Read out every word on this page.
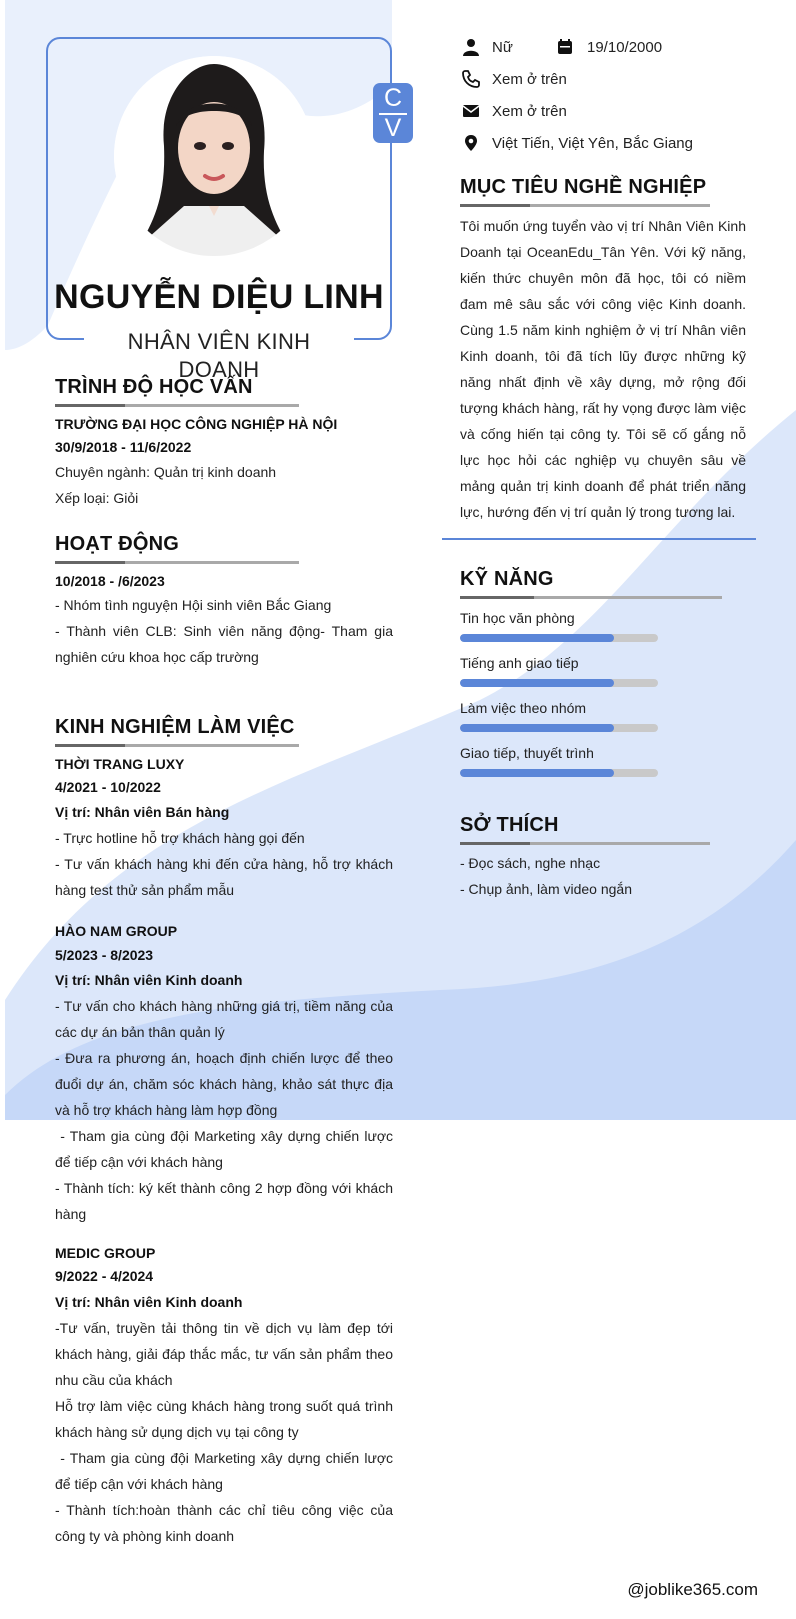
C
V
NGUYỄN DIỆU LINH
NHÂN VIÊN KINH DOANH
Nữ	19/10/2000
Xem ở trên
Xem ở trên
Việt Tiến, Việt Yên, Bắc Giang
MỤC TIÊU NGHỀ NGHIỆP
Tôi muốn ứng tuyển vào vị trí Nhân Viên Kinh Doanh tại OceanEdu_Tân Yên. Với kỹ năng, kiến thức chuyên môn đã học, tôi có niềm đam mê sâu sắc với công việc Kinh doanh. Cùng 1.5 năm kinh nghiệm ở vị trí Nhân viên Kinh doanh, tôi đã tích lũy được những kỹ năng nhất định về xây dựng, mở rộng đối tượng khách hàng, rất hy vọng được làm việc và cống hiến tại công ty. Tôi sẽ cố gắng nỗ lực học hỏi các nghiệp vụ chuyên sâu về mảng quản trị kinh doanh để phát triển năng lực, hướng đến vị trí quản lý trong tương lai.
KỸ NĂNG
Tin học văn phòng
Tiếng anh giao tiếp
Làm việc theo nhóm
Giao tiếp, thuyết trình
SỞ THÍCH
- Đọc sách, nghe nhạc
- Chụp ảnh, làm video ngắn
TRÌNH ĐỘ HỌC VẤN
TRƯỜNG ĐẠI HỌC CÔNG NGHIỆP HÀ NỘI
30/9/2018 - 11/6/2022
Chuyên ngành: Quản trị kinh doanh
Xếp loại: Giỏi
HOẠT ĐỘNG
10/2018 - /6/2023
- Nhóm tình nguyện Hội sinh viên Bắc Giang
- Thành viên CLB: Sinh viên năng động- Tham gia nghiên cứu khoa học cấp trường
KINH NGHIỆM LÀM VIỆC
THỜI TRANG LUXY
4/2021 - 10/2022
Vị trí: Nhân viên Bán hàng
- Trực hotline hỗ trợ khách hàng gọi đến
- Tư vấn khách hàng khi đến cửa hàng, hỗ trợ khách hàng test thử sản phẩm mẫu
HÀO NAM GROUP
5/2023 - 8/2023
Vị trí: Nhân viên Kinh doanh
- Tư vấn cho khách hàng những giá trị, tiềm năng của các dự án bản thân quản lý
- Đưa ra phương án, hoạch định chiến lược để theo đuổi dự án, chăm sóc khách hàng, khảo sát thực địa và hỗ trợ khách hàng làm hợp đồng
- Tham gia cùng đội Marketing xây dựng chiến lược để tiếp cận với khách hàng
- Thành tích: ký kết thành công 2 hợp đồng với khách hàng
MEDIC GROUP
9/2022 - 4/2024
Vị trí: Nhân viên Kinh doanh
-Tư vấn, truyền tải thông tin về dịch vụ làm đẹp tới khách hàng, giải đáp thắc mắc, tư vấn sản phẩm theo nhu cầu của khách
Hỗ trợ làm việc cùng khách hàng trong suốt quá trình khách hàng sử dụng dịch vụ tại công ty
- Tham gia cùng đội Marketing xây dựng chiến lược để tiếp cận với khách hàng
- Thành tích:hoàn thành các chỉ tiêu công việc của công ty và phòng kinh doanh
@joblike365.com
